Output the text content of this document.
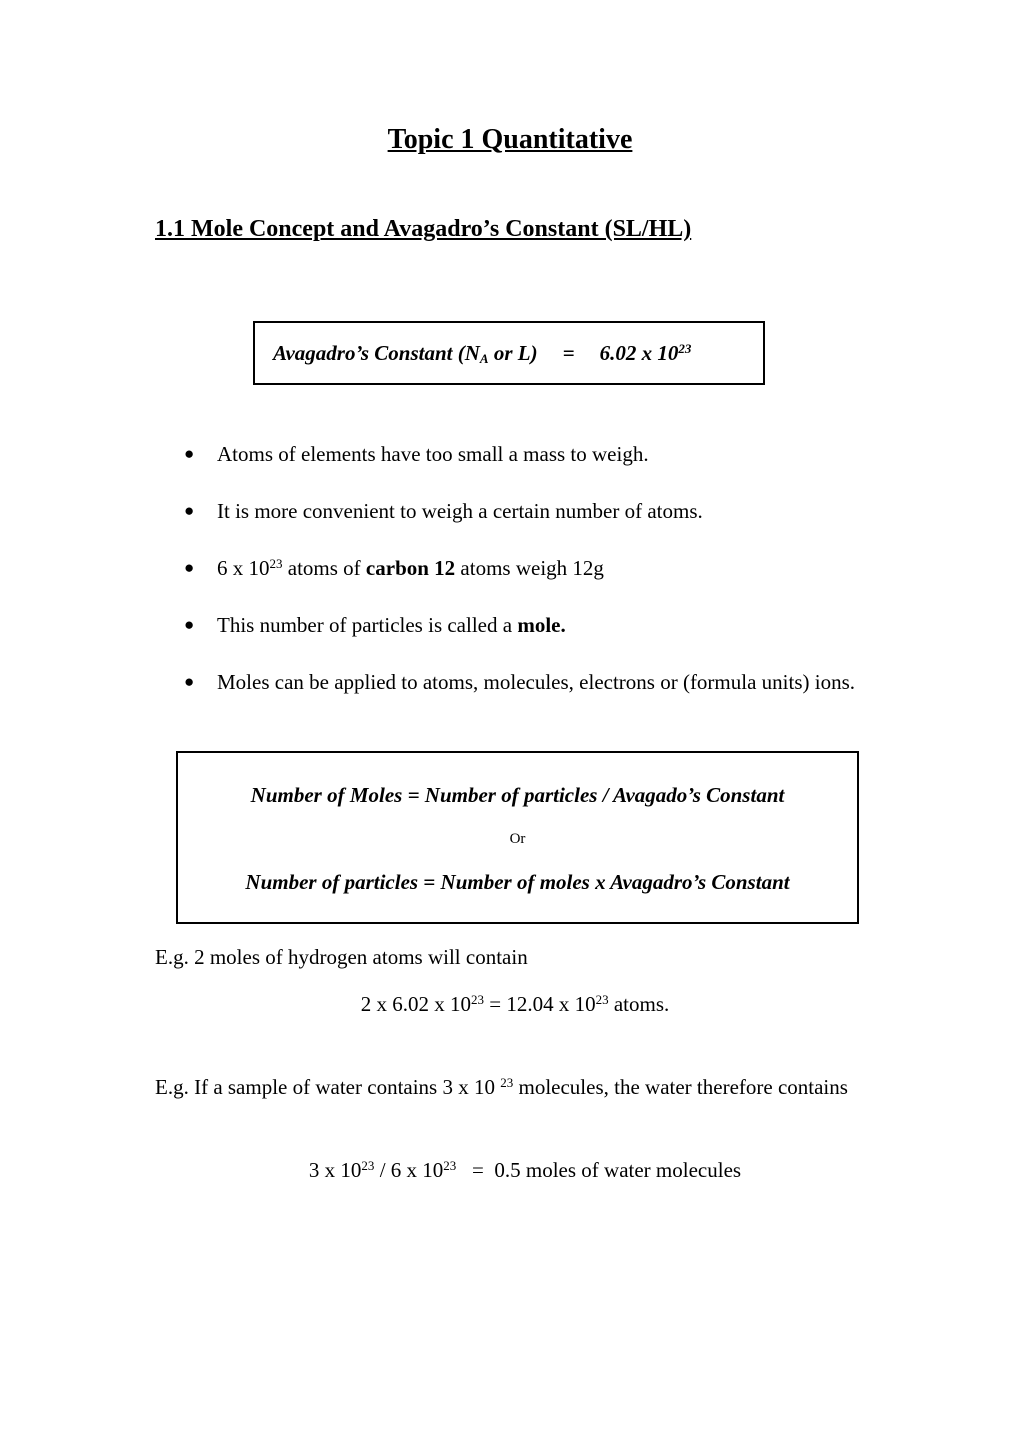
Topic 1 Quantitative
1.1 Mole Concept and Avagadro’s Constant (SL/HL)
Avagadro’s Constant ($N_A$ or L) = 6.02 x $10^{23}$
● Atoms of elements have too small a mass to weigh.
● It is more convenient to weigh a certain number of atoms.
● 6 x $10^{23}$ atoms of carbon 12 atoms weigh 12g
● This number of particles is called a mole.
● Moles can be applied to atoms, molecules, electrons or (formula units) ions.
Number of Moles = Number of particles / Avagado’s Constant
Or
Number of particles = Number of moles x Avagadro’s Constant
E.g. 2 moles of hydrogen atoms will contain
2 x 6.02 x $10^{23} = 12.04$ x $10^{23}$ atoms.
E.g. If a sample of water contains 3 x 10 $^{23}$ molecules, the water therefore contains
3 x $10^{23} / 6$ x $10^{23} = 0.5$ moles of water molecules
